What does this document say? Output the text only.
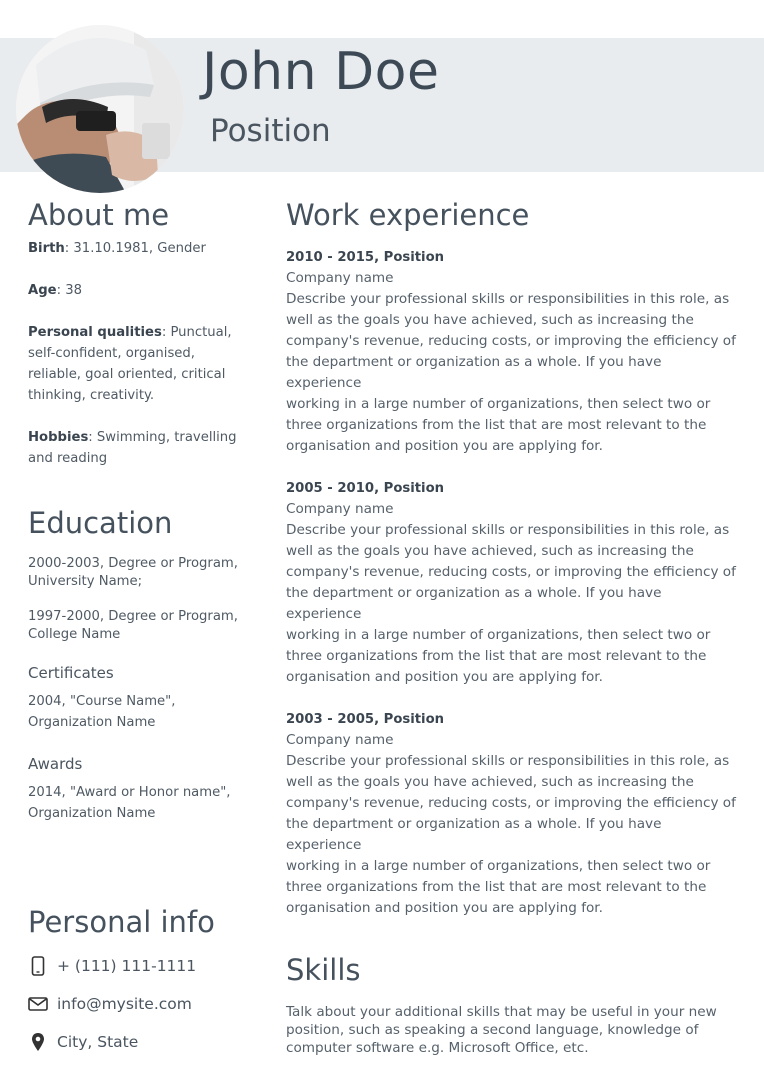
John Doe
Position
About me

Birth: 31.10.1981, Gender

Age: 38

Personal qualities: Punctual,

self-confident, organised,

reliable, goal oriented, critical

thinking, creativity.

Hobbies: Swimming, travelling

and reading

Education

2000-2003, Degree or Program,

University Name;

1997-2000, Degree or Program,

College Name

Certificates

2004, "Course Name",

Organization Name

Awards

2014, "Award or Honor name",

Organization Name

Personal info
+ (111) 111-1111
info@mysite.com
City, State
Work experience
2010 - 2015, Position
Company name
Describe your professional skills or responsibilities in this role, as
well as the goals you have achieved, such as increasing the
company's revenue, reducing costs, or improving the efficiency of
the department or organization as a whole. If you have experience
working in a large number of organizations, then select two or
three organizations from the list that are most relevant to the
organisation and position you are applying for.
2005 - 2010, Position
Company name
Describe your professional skills or responsibilities in this role, as
well as the goals you have achieved, such as increasing the
company's revenue, reducing costs, or improving the efficiency of
the department or organization as a whole. If you have experience
working in a large number of organizations, then select two or
three organizations from the list that are most relevant to the
organisation and position you are applying for.
2003 - 2005, Position
Company name
Describe your professional skills or responsibilities in this role, as
well as the goals you have achieved, such as increasing the
company's revenue, reducing costs, or improving the efficiency of
the department or organization as a whole. If you have experience
working in a large number of organizations, then select two or
three organizations from the list that are most relevant to the
organisation and position you are applying for.
Skills
Talk about your additional skills that may be useful in your new
position, such as speaking a second language, knowledge of
computer software e.g. Microsoft Office, etc.
